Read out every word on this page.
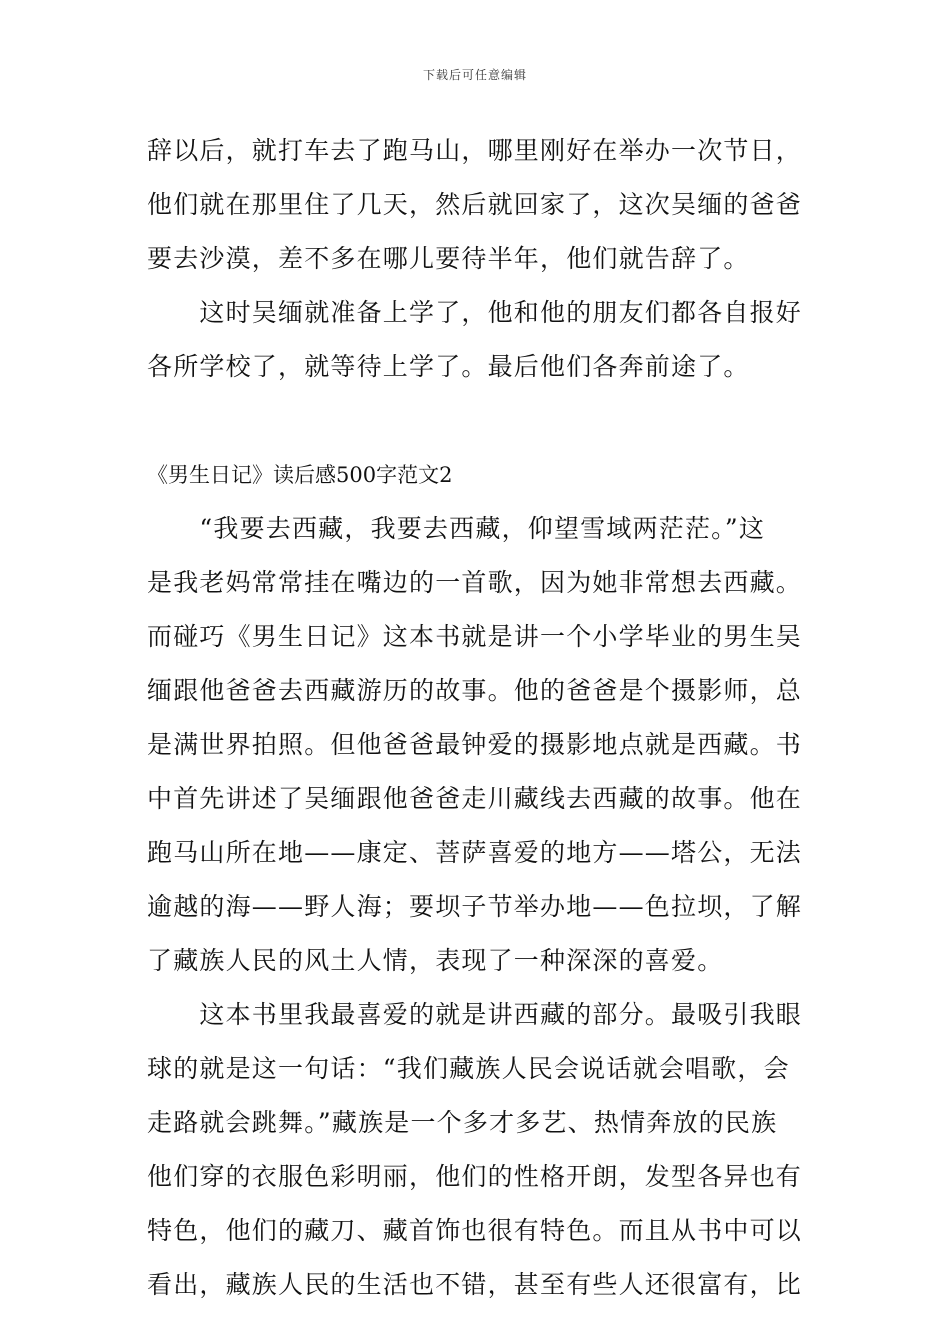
下载后可任意编辑
辞以后，就打车去了跑马山，哪里刚好在举办一次节日，
他们就在那里住了几天，然后就回家了，这次吴缅的爸爸
要去沙漠，差不多在哪儿要待半年，他们就告辞了。
　　这时吴缅就准备上学了，他和他的朋友们都各自报好
各所学校了，就等待上学了。最后他们各奔前途了。
《男生日记》读后感500字范文2
　　“我要去西藏，我要去西藏，仰望雪域两茫茫。”这
是我老妈常常挂在嘴边的一首歌，因为她非常想去西藏。
而碰巧《男生日记》这本书就是讲一个小学毕业的男生吴
缅跟他爸爸去西藏游历的故事。他的爸爸是个摄影师，总
是满世界拍照。但他爸爸最钟爱的摄影地点就是西藏。书
中首先讲述了吴缅跟他爸爸走川藏线去西藏的故事。他在
跑马山所在地——康定、菩萨喜爱的地方——塔公，无法
逾越的海——野人海；要坝子节举办地——色拉坝，了解
了藏族人民的风土人情，表现了一种深深的喜爱。
　　这本书里我最喜爱的就是讲西藏的部分。最吸引我眼
球的就是这一句话：“我们藏族人民会说话就会唱歌，会
走路就会跳舞。”藏族是一个多才多艺、热情奔放的民族
他们穿的衣服色彩明丽，他们的性格开朗，发型各异也有
特色，他们的藏刀、藏首饰也很有特色。而且从书中可以
看出，藏族人民的生活也不错，甚至有些人还很富有，比
